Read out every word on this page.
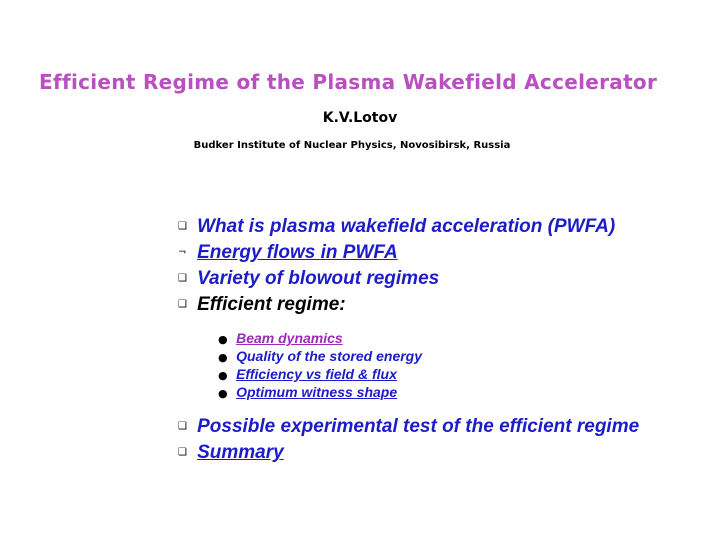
Efficient Regime of the Plasma Wakefield Accelerator
K.V.Lotov
Budker Institute of Nuclear Physics, Novosibirsk, Russia
❑ What is plasma wakefield acceleration (PWFA)
¬ Energy flows in PWFA
❑ Variety of blowout regimes
❑ Efficient regime:
● Beam dynamics
● Quality of the stored energy
● Efficiency vs field & flux
● Optimum witness shape
❑ Possible experimental test of the efficient regime
❑ Summary
